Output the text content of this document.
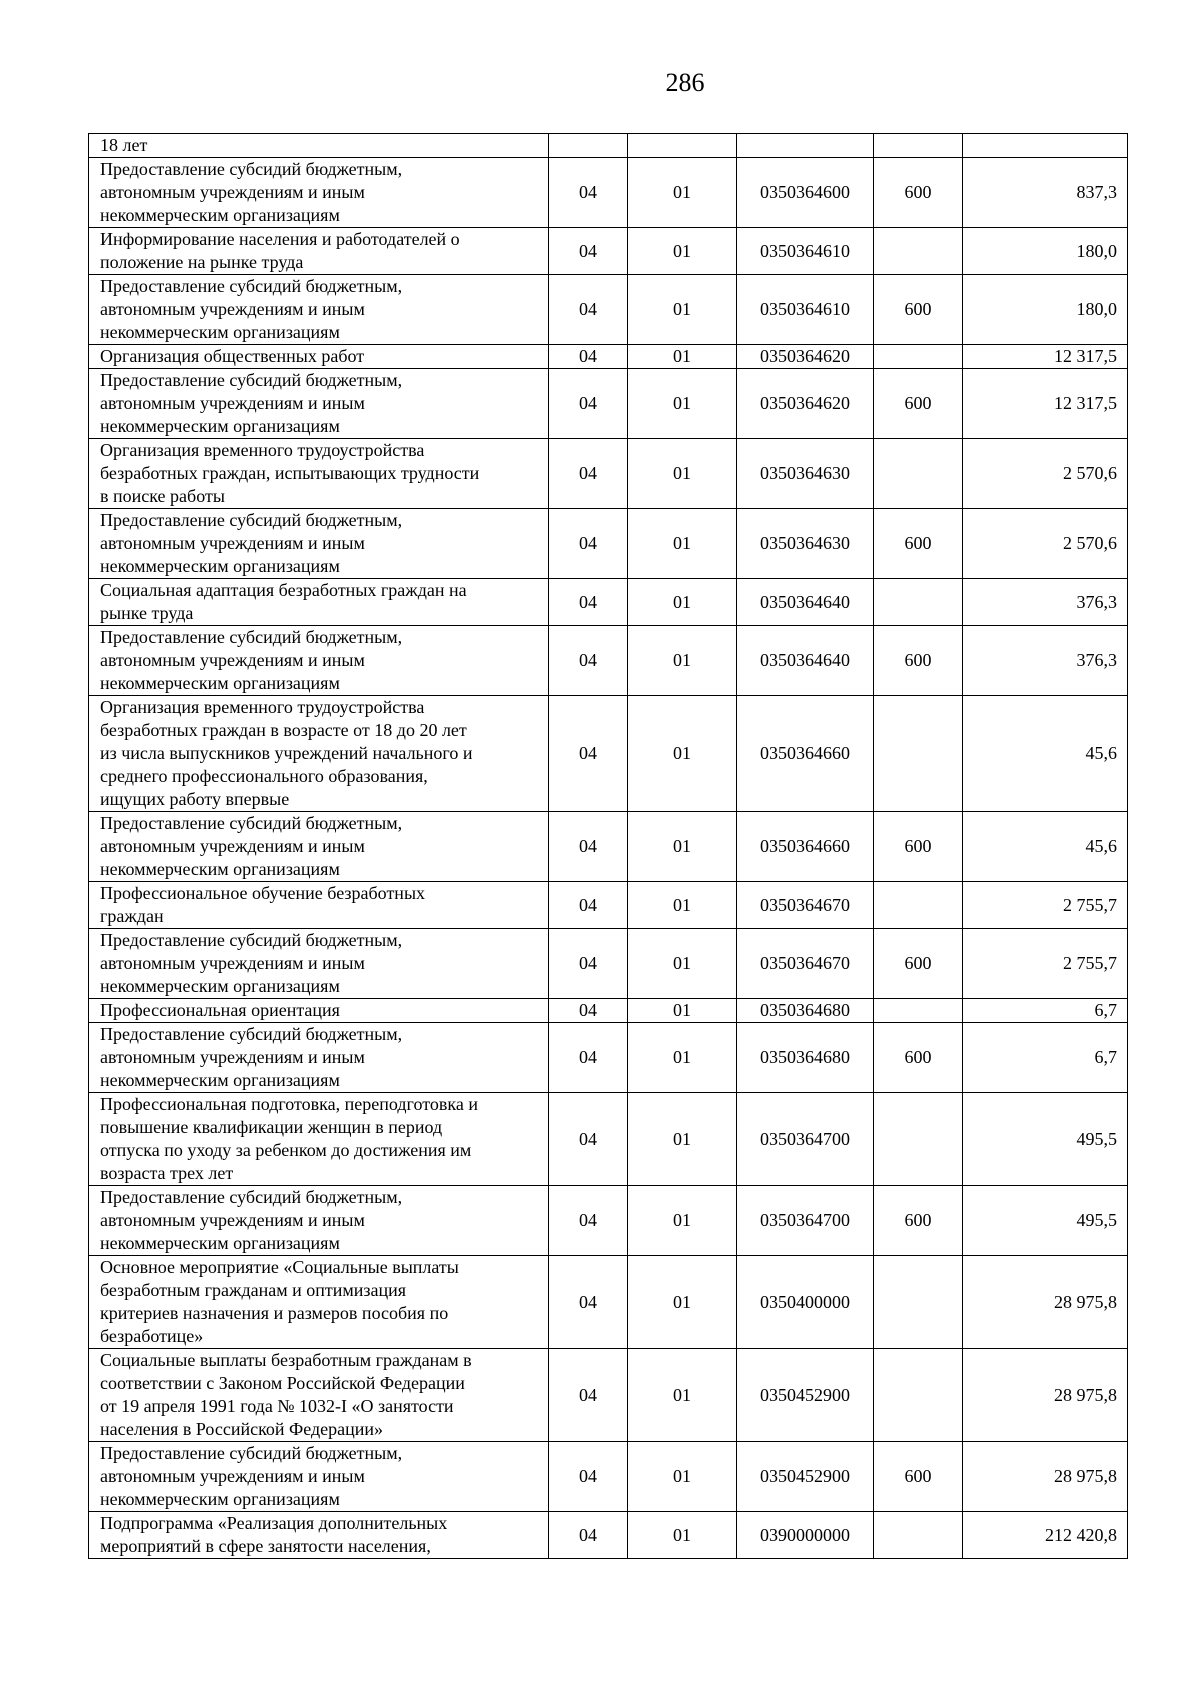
286
18 лет					
Предоставление субсидий бюджетным,
автономным учреждениям и иным
некоммерческим организациям	04	01	0350364600	600	837,3
Информирование населения и работодателей о
положение на рынке труда	04	01	0350364610		180,0
Предоставление субсидий бюджетным,
автономным учреждениям и иным
некоммерческим организациям	04	01	0350364610	600	180,0
Организация общественных работ	04	01	0350364620		12 317,5
Предоставление субсидий бюджетным,
автономным учреждениям и иным
некоммерческим организациям	04	01	0350364620	600	12 317,5
Организация временного трудоустройства
безработных граждан, испытывающих трудности
в поиске работы	04	01	0350364630		2 570,6
Предоставление субсидий бюджетным,
автономным учреждениям и иным
некоммерческим организациям	04	01	0350364630	600	2 570,6
Социальная адаптация безработных граждан на
рынке труда	04	01	0350364640		376,3
Предоставление субсидий бюджетным,
автономным учреждениям и иным
некоммерческим организациям	04	01	0350364640	600	376,3
Организация временного трудоустройства
безработных граждан в возрасте от 18 до 20 лет
из числа выпускников учреждений начального и
среднего профессионального образования,
ищущих работу впервые	04	01	0350364660		45,6
Предоставление субсидий бюджетным,
автономным учреждениям и иным
некоммерческим организациям	04	01	0350364660	600	45,6
Профессиональное обучение безработных
граждан	04	01	0350364670		2 755,7
Предоставление субсидий бюджетным,
автономным учреждениям и иным
некоммерческим организациям	04	01	0350364670	600	2 755,7
Профессиональная ориентация	04	01	0350364680		6,7
Предоставление субсидий бюджетным,
автономным учреждениям и иным
некоммерческим организациям	04	01	0350364680	600	6,7
Профессиональная подготовка, переподготовка и
повышение квалификации женщин в период
отпуска по уходу за ребенком до достижения им
возраста трех лет	04	01	0350364700		495,5
Предоставление субсидий бюджетным,
автономным учреждениям и иным
некоммерческим организациям	04	01	0350364700	600	495,5
Основное мероприятие «Социальные выплаты
безработным гражданам и оптимизация
критериев назначения и размеров пособия по
безработице»	04	01	0350400000		28 975,8
Социальные выплаты безработным гражданам в
соответствии с Законом Российской Федерации
от 19 апреля 1991 года № 1032-I «О занятости
населения в Российской Федерации»	04	01	0350452900		28 975,8
Предоставление субсидий бюджетным,
автономным учреждениям и иным
некоммерческим организациям	04	01	0350452900	600	28 975,8
Подпрограмма «Реализация дополнительных
мероприятий в сфере занятости населения,	04	01	0390000000		212 420,8
